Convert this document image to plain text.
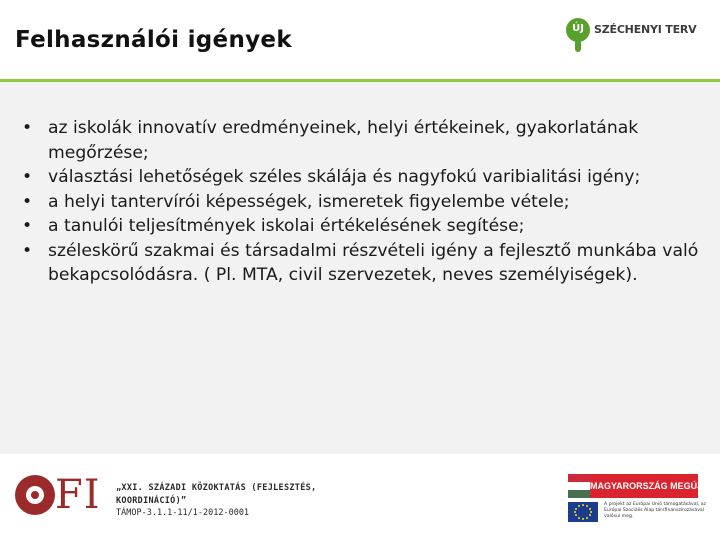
Felhasználói igények	ÚJ SZÉCHENYI TERV
• az iskolák innovatív eredményeinek, helyi értékeinek, gyakorlatának megőrzése;
• választási lehetőségek széles skálája és nagyfokú varibialitási igény;
• a helyi tantervírói képességek, ismeretek figyelembe vétele;
• a tanulói teljesítmények iskolai értékelésének segítése;
• széleskörű szakmai és társadalmi részvételi igény a fejlesztő munkába való bekapcsolódásra. ( Pl. MTA, civil szervezetek, neves személyiségek).
FI „XXI. SZÁZADI KÖZOKTATÁS (FEJLESZTÉS, KOORDINÁCIÓ)”
TÁMOP-3.1.1-11/1-2012-0001
MAGYARORSZÁG MEGÚJUL
A projekt az Európai Unió támogatásával, az Európai Szociális Alap társfinanszírozásával valósul meg.
